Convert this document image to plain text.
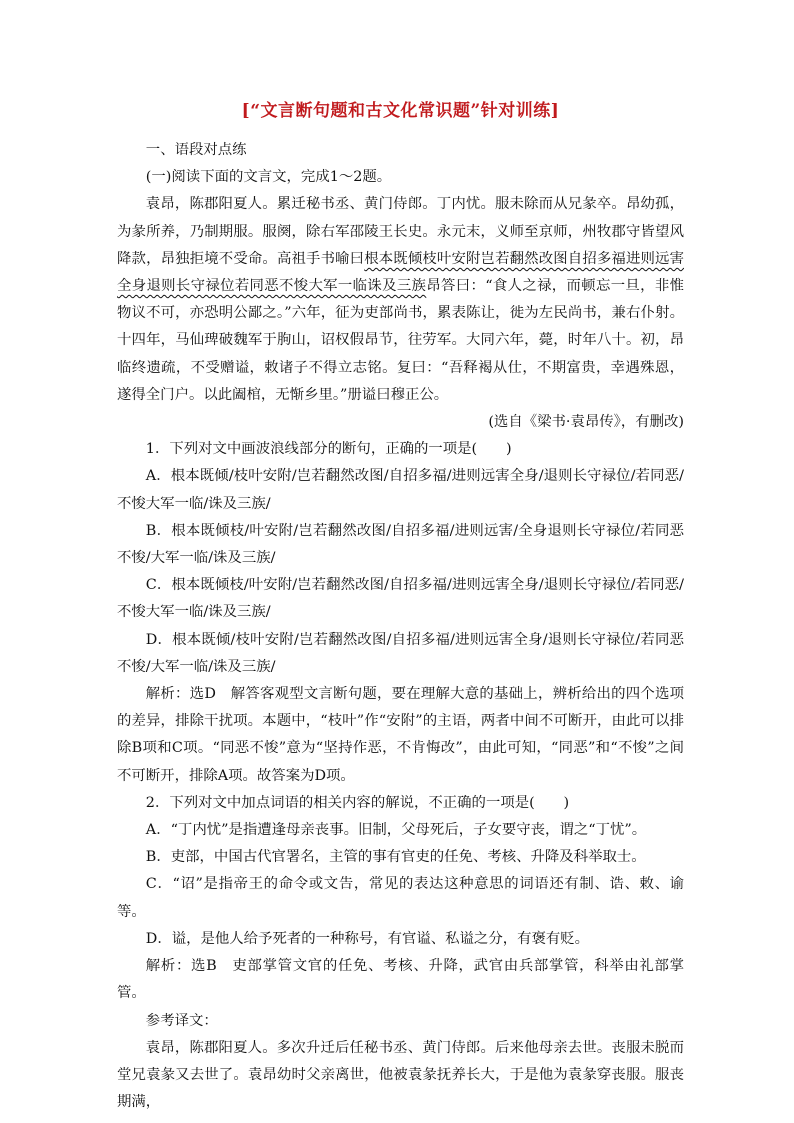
[“文言断句题和古文化常识题”针对训练]

一、语段对点练

(一)阅读下面的文言文，完成1～2题。

袁昂，陈郡阳夏人。累迁秘书丞、黄门侍郎。丁内忧。服未除而从兄彖卒。昂幼孤，为彖所养，乃制期服。服阕，除右军邵陵王长史。永元末，义师至京师，州牧郡守皆望风降款，昂独拒境不受命。高祖手书喻曰根本既倾枝叶安附岂若翻然改图自招多福进则远害全身退则长守禄位若同恶不悛大军一临诛及三族昂答曰：“食人之禄，而顿忘一旦，非惟物议不可，亦恐明公鄙之。”六年，征为吏部尚书，累表陈让，徙为左民尚书，兼右仆射。十四年，马仙琕破魏军于朐山，诏权假昂节，往劳军。大同六年，薨，时年八十。初，昂临终遗疏，不受赠谥，敕诸子不得立志铭。复曰：“吾释褐从仕，不期富贵，幸遇殊恩，遂得全门户。以此阖棺，无惭乡里。”册谥曰穆正公。

(选自《梁书·袁昂传》，有删改)

1．下列对文中画波浪线部分的断句，正确的一项是(　　)

A．根本既倾/枝叶安附/岂若翻然改图/自招多福/进则远害全身/退则长守禄位/若同恶/不悛大军一临/诛及三族/

B．根本既倾枝/叶安附/岂若翻然改图/自招多福/进则远害/全身退则长守禄位/若同恶不悛/大军一临/诛及三族/

C．根本既倾枝/叶安附/岂若翻然改图/自招多福/进则远害全身/退则长守禄位/若同恶/不悛大军一临/诛及三族/

D．根本既倾/枝叶安附/岂若翻然改图/自招多福/进则远害全身/退则长守禄位/若同恶不悛/大军一临/诛及三族/

解析：选D　解答客观型文言断句题，要在理解大意的基础上，辨析给出的四个选项的差异，排除干扰项。本题中，“枝叶”作“安附”的主语，两者中间不可断开，由此可以排除B项和C项。“同恶不悛”意为“坚持作恶，不肯悔改”，由此可知，“同恶”和“不悛”之间不可断开，排除A项。故答案为D项。

2．下列对文中加点词语的相关内容的解说，不正确的一项是(　　)

A．“丁内忧”是指遭逢母亲丧事。旧制，父母死后，子女要守丧，谓之“丁忧”。

B．吏部，中国古代官署名，主管的事有官吏的任免、考核、升降及科举取士。

C．“诏”是指帝王的命令或文告，常见的表达这种意思的词语还有制、诰、敕、谕等。

D．谥，是他人给予死者的一种称号，有官谥、私谥之分，有褒有贬。

解析：选B　吏部掌管文官的任免、考核、升降，武官由兵部掌管，科举由礼部掌管。

参考译文：

袁昂，陈郡阳夏人。多次升迁后任秘书丞、黄门侍郎。后来他母亲去世。丧服未脱而堂兄袁彖又去世了。袁昂幼时父亲离世，他被袁彖抚养长大，于是他为袁彖穿丧服。服丧期满，
